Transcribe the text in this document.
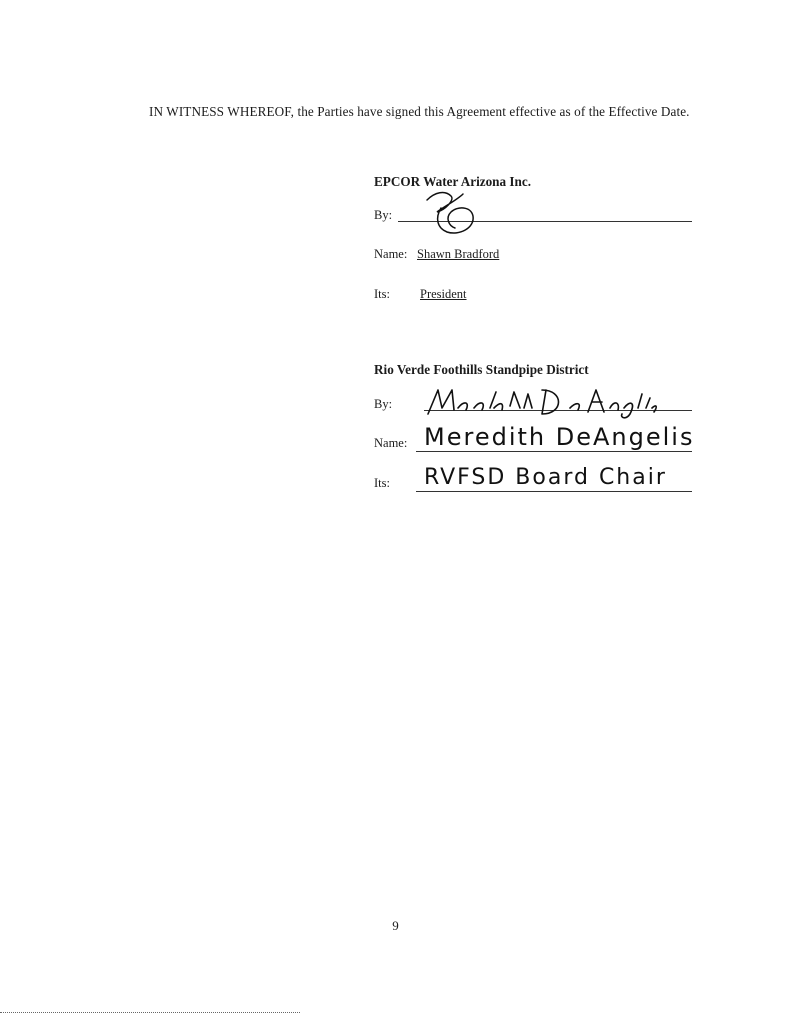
IN WITNESS WHEREOF, the Parties have signed this Agreement effective as of the Effective Date.
EPCOR Water Arizona Inc.
By:
Name: Shawn Bradford
Its: President
Rio Verde Foothills Standpipe District
By:
Name: Meredith DeAngelis
Its: RVFSD Board Chair
9
